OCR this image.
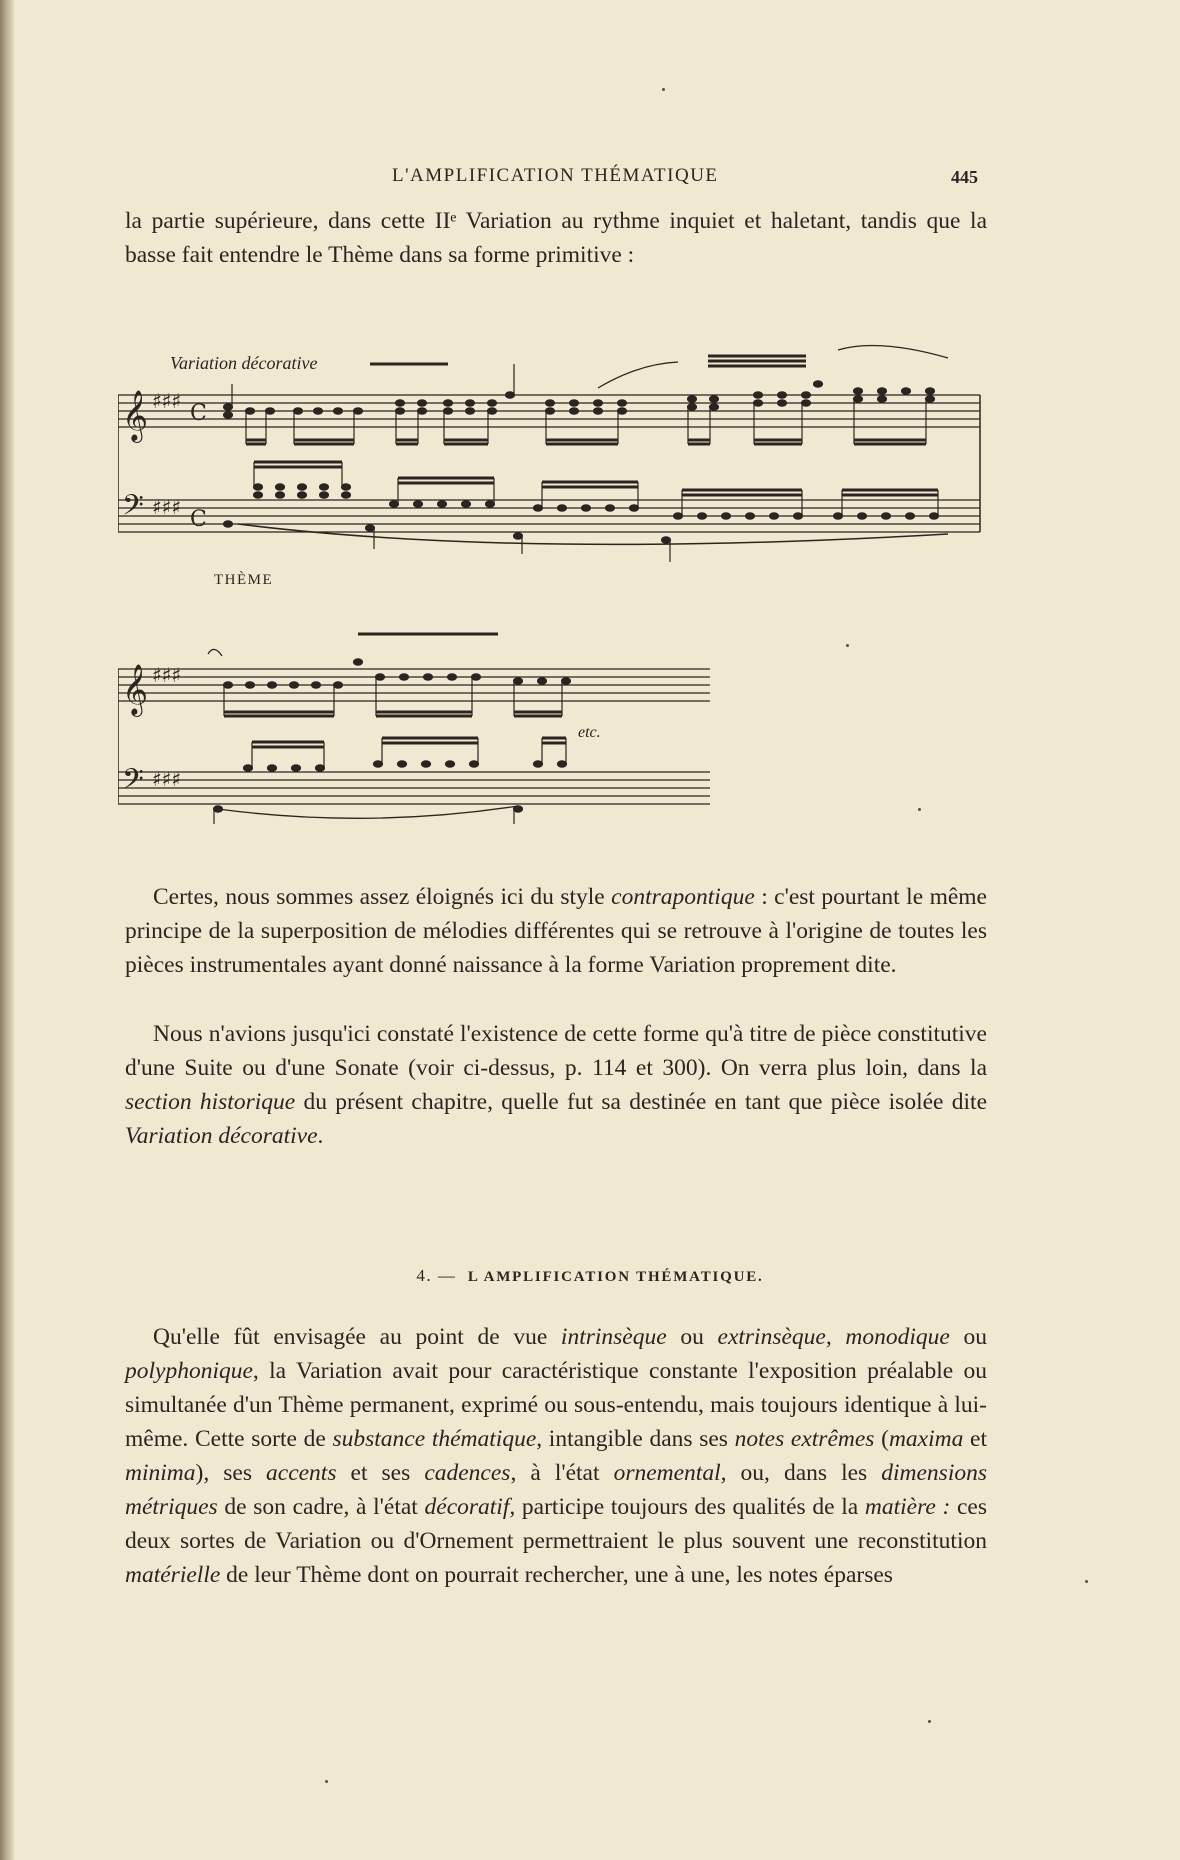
L'AMPLIFICATION THÉMATIQUE	445

la partie supérieure, dans cette IIᵉ Variation au rythme inquiet et haletant, tandis que la basse fait entendre le Thème dans sa forme primitive :

𝄞
𝄢
♯♯♯
♯♯♯
C
C
𝄞
𝄢
♯♯♯
♯♯♯
Variation décorative
THÈME
etc.

Certes, nous sommes assez éloignés ici du style contrapontique : c'est pourtant le même principe de la superposition de mélodies différentes qui se retrouve à l'origine de toutes les pièces instrumentales ayant donné naissance à la forme Variation proprement dite.

Nous n'avions jusqu'ici constaté l'existence de cette forme qu'à titre de pièce constitutive d'une Suite ou d'une Sonate (voir ci-dessus, p. 114 et 300). On verra plus loin, dans la section historique du présent chapitre, quelle fut sa destinée en tant que pièce isolée dite Variation décorative.

4. — L AMPLIFICATION THÉMATIQUE.

Qu'elle fût envisagée au point de vue intrinsèque ou extrinsèque, monodique ou polyphonique, la Variation avait pour caractéristique constante l'exposition préalable ou simultanée d'un Thème permanent, exprimé ou sous-entendu, mais toujours identique à lui-même. Cette sorte de substance thématique, intangible dans ses notes extrêmes (maxima et minima), ses accents et ses cadences, à l'état ornemental, ou, dans les dimensions métriques de son cadre, à l'état décoratif, participe toujours des qualités de la matière : ces deux sortes de Variation ou d'Ornement permettraient le plus souvent une reconstitution matérielle de leur Thème dont on pourrait rechercher, une à une, les notes éparses
